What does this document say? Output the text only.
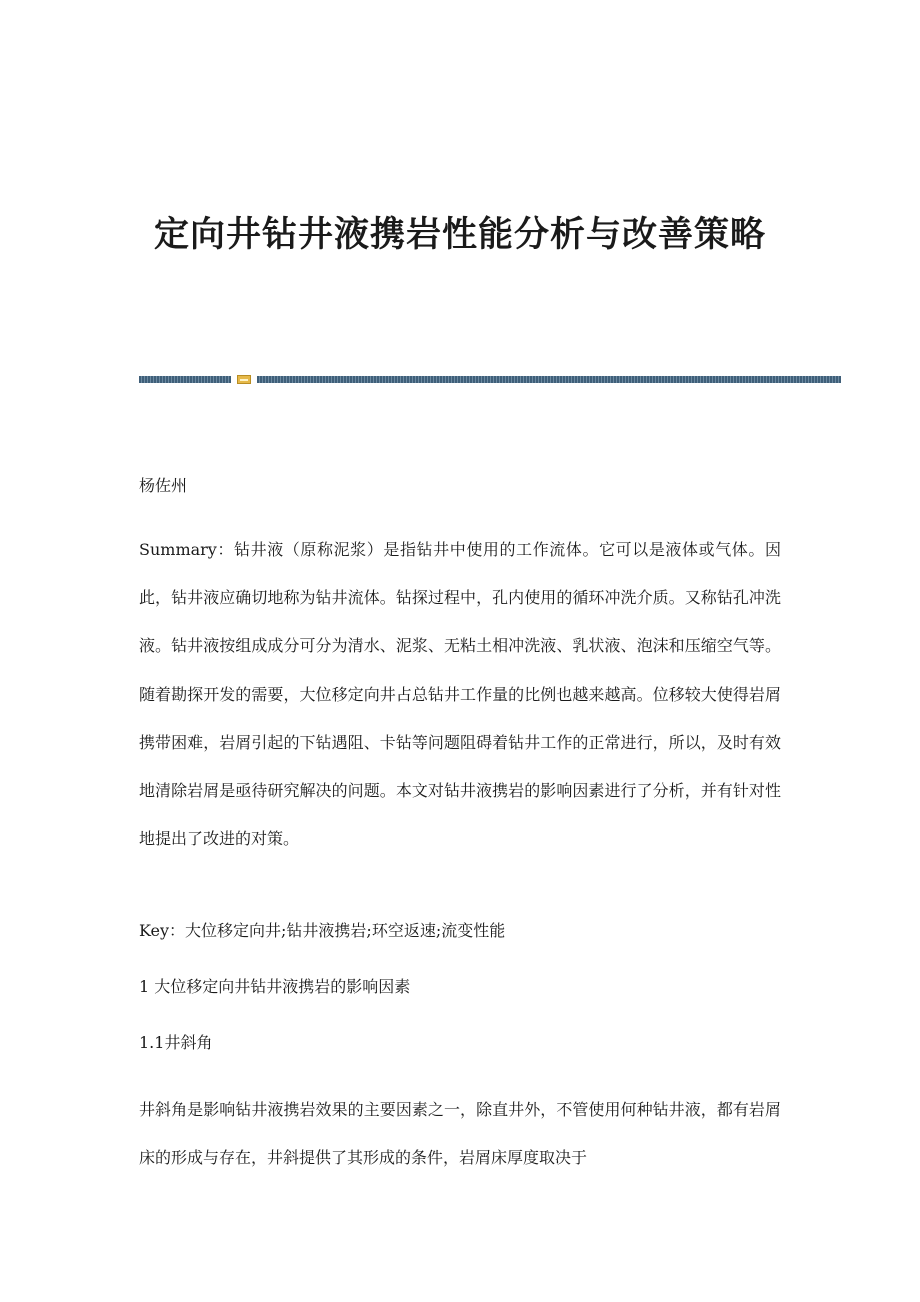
定向井钻井液携岩性能分析与改善策略

杨佐州

Summary：钻井液（原称泥浆）是指钻井中使用的工作流体。它可以是液体或气体。因此，钻井液应确切地称为钻井流体。钻探过程中，孔内使用的循环冲洗介质。又称钻孔冲洗液。钻井液按组成成分可分为清水、泥浆、无粘土相冲洗液、乳状液、泡沫和压缩空气等。随着勘探开发的需要，大位移定向井占总钻井工作量的比例也越来越高。位移较大使得岩屑携带困难，岩屑引起的下钻遇阻、卡钻等问题阻碍着钻井工作的正常进行，所以，及时有效地清除岩屑是亟待研究解决的问题。本文对钻井液携岩的影响因素进行了分析，并有针对性地提出了改进的对策。

Key：大位移定向井;钻井液携岩;环空返速;流变性能

1 大位移定向井钻井液携岩的影响因素

1.1井斜角

井斜角是影响钻井液携岩效果的主要因素之一，除直井外，不管使用何种钻井液，都有岩屑床的形成与存在，井斜提供了其形成的条件，岩屑床厚度取决于
